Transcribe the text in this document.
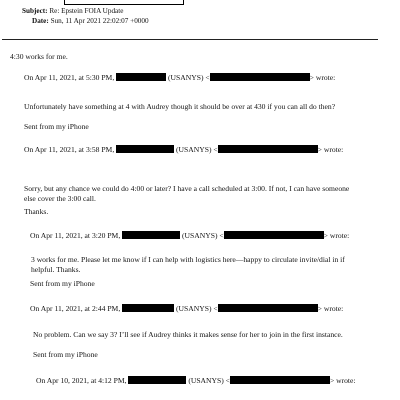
Subject: Re: Epstein FOIA Update
Date: Sun, 11 Apr 2021 22:02:07 +0000
4:30 works for me.
On Apr 11, 2021, at 5:30 PM,	(USANYS) <	> wrote:
Unfortunately have something at 4 with Audrey though it should be over at 430 if you can all do then?
Sent from my iPhone
On Apr 11, 2021, at 3:58 PM,	(USANYS) <	> wrote:
Sorry, but any chance we could do 4:00 or later? I have a call scheduled at 3:00. If not, I can have someone
else cover the 3:00 call.
Thanks.
On Apr 11, 2021, at 3:20 PM,	(USANYS) <	> wrote:
3 works for me. Please let me know if I can help with logistics here—happy to circulate invite/dial in if
helpful. Thanks.
Sent from my iPhone
On Apr 11, 2021, at 2:44 PM,	(USANYS) <	> wrote:
No problem. Can we say 3? I’ll see if Audrey thinks it makes sense for her to join in the first instance.
Sent from my iPhone
On Apr 10, 2021, at 4:12 PM,	(USANYS) <	> wrote:
